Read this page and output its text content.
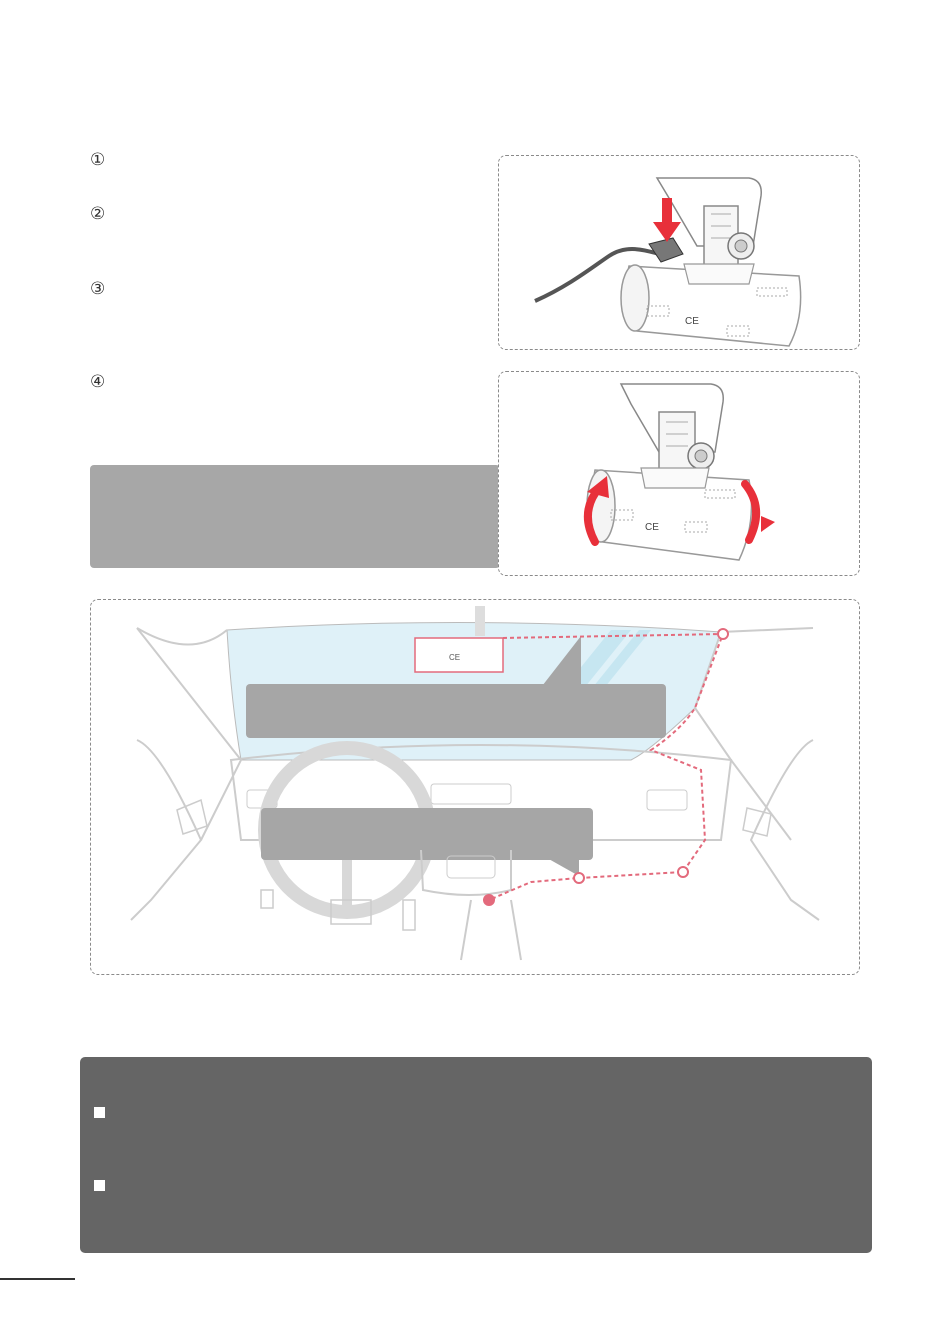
①
②
③
④
CE
CE
CE
